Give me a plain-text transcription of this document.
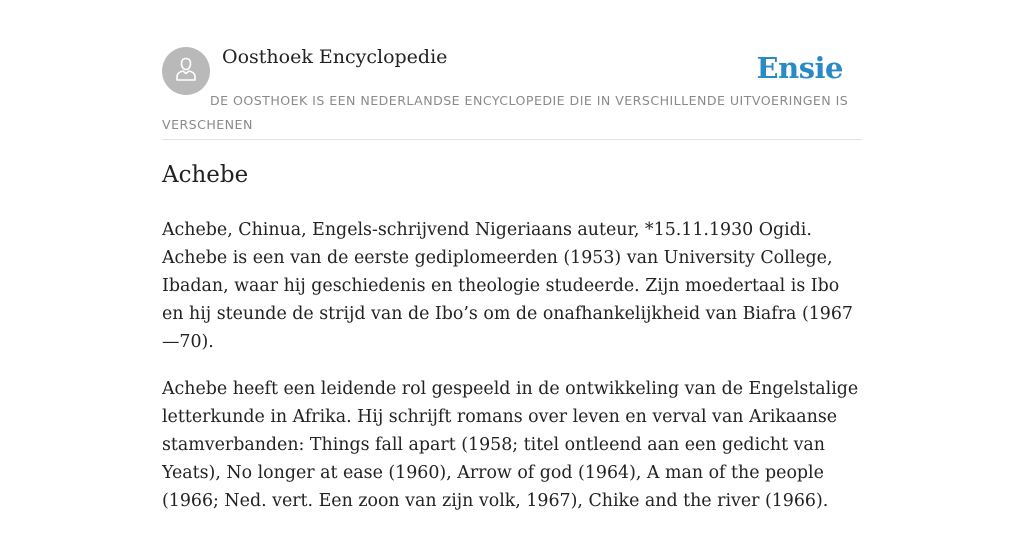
Oosthoek Encyclopedie	Ensie
DE OOSTHOEK IS EEN NEDERLANDSE ENCYCLOPEDIE DIE IN VERSCHILLENDE UITVOERINGEN IS VERSCHENEN
Achebe

Achebe, Chinua, Engels-schrijvend Nigeriaans auteur, *15.11.1930 Ogidi. Achebe is een van de eerste gediplomeerden (1953) van University College, Ibadan, waar hij geschiedenis en theologie studeerde. Zijn moedertaal is Ibo en hij steunde de strijd van de Ibo’s om de onafhankelijkheid van Biafra (1967—70).

Achebe heeft een leidende rol gespeeld in de ontwikkeling van de Engelstalige letterkunde in Afrika. Hij schrijft romans over leven en verval van Arikaanse stamverbanden: Things fall apart (1958; titel ontleend aan een gedicht van Yeats), No longer at ease (1960), Arrow of god (1964), A man of the people (1966; Ned. vert. Een zoon van zijn volk, 1967), Chike and the river (1966).
